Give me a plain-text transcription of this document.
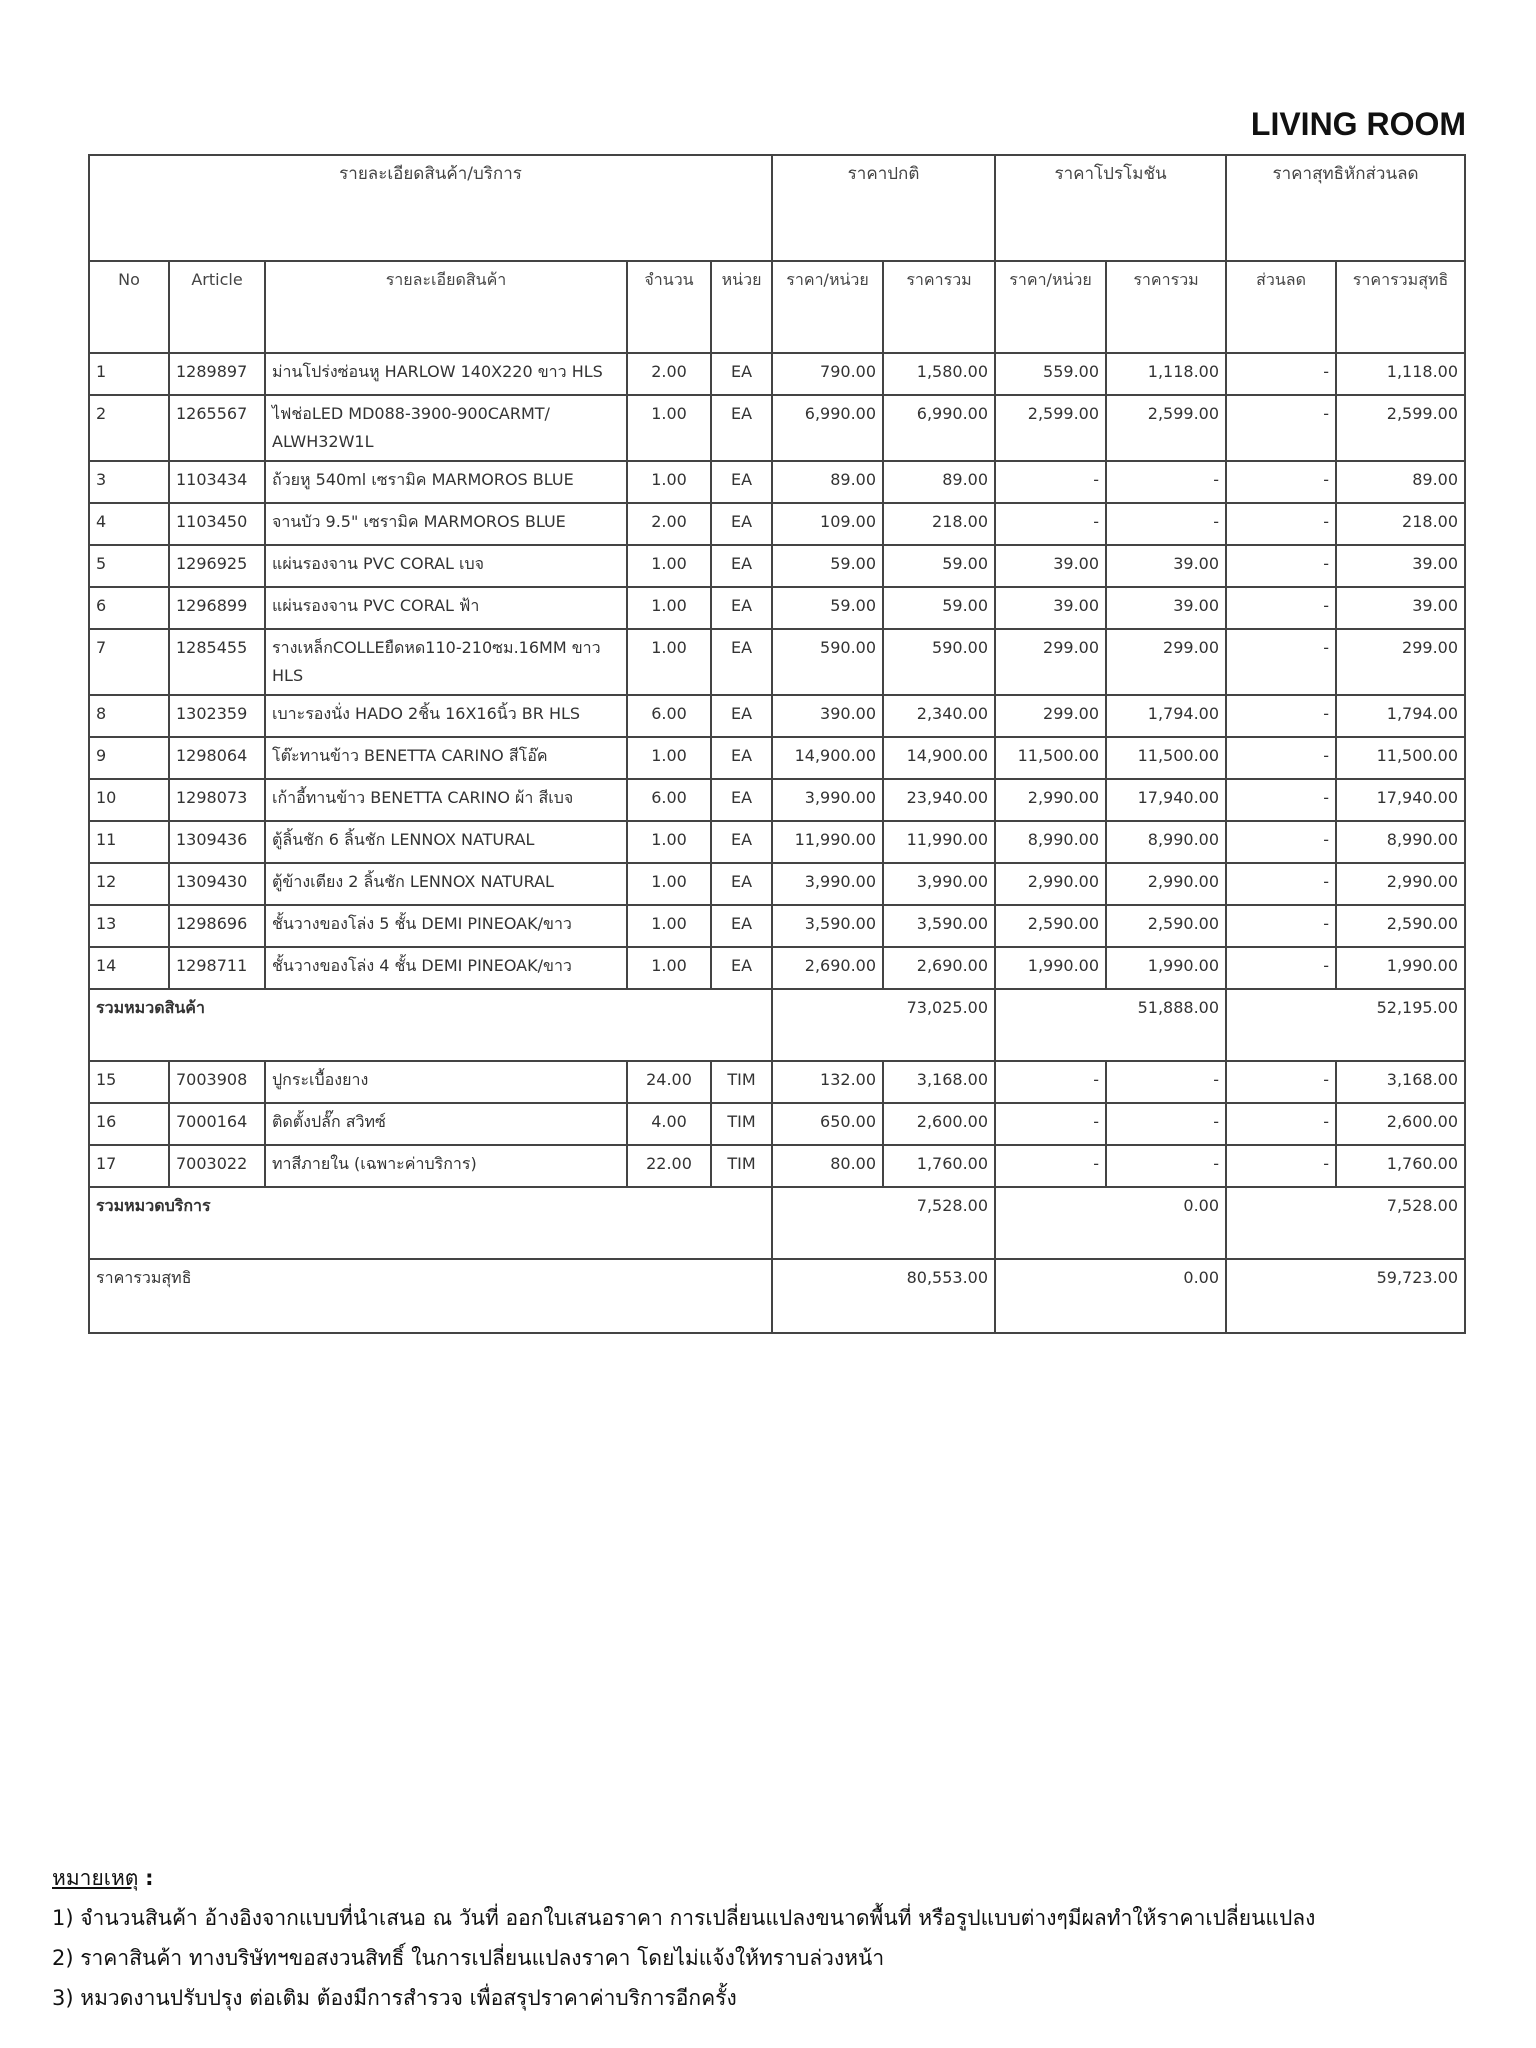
LIVING ROOM
รายละเอียดสินค้า/บริการ					ราคาปกติ		ราคาโปรโมชัน		ราคาสุทธิหักส่วนลด	
No	Article	รายละเอียดสินค้า	จำนวน	หน่วย	ราคา/หน่วย	ราคารวม	ราคา/หน่วย	ราคารวม	ส่วนลด	ราคารวมสุทธิ
1	1289897	ม่านโปร่งซ่อนหู HARLOW 140X220 ขาว HLS	2.00	EA	790.00	1,580.00	559.00	1,118.00	-	1,118.00
2	1265567	ไฟช่อLED MD088-3900-900CARMT/ ALWH32W1L	1.00	EA	6,990.00	6,990.00	2,599.00	2,599.00	-	2,599.00
3	1103434	ถ้วยหู 540ml เซรามิค MARMOROS BLUE	1.00	EA	89.00	89.00	-	-	-	89.00
4	1103450	จานบัว 9.5" เซรามิค MARMOROS BLUE	2.00	EA	109.00	218.00	-	-	-	218.00
5	1296925	แผ่นรองจาน PVC CORAL เบจ	1.00	EA	59.00	59.00	39.00	39.00	-	39.00
6	1296899	แผ่นรองจาน PVC CORAL ฟ้า	1.00	EA	59.00	59.00	39.00	39.00	-	39.00
7	1285455	รางเหล็กCOLLEยืดหด110-210ซม.16MM ขาว HLS	1.00	EA	590.00	590.00	299.00	299.00	-	299.00
8	1302359	เบาะรองนั่ง HADO 2ชิ้น 16X16นิ้ว BR HLS	6.00	EA	390.00	2,340.00	299.00	1,794.00	-	1,794.00
9	1298064	โต๊ะทานข้าว BENETTA CARINO สีโอ๊ค	1.00	EA	14,900.00	14,900.00	11,500.00	11,500.00	-	11,500.00
10	1298073	เก้าอี้ทานข้าว BENETTA CARINO ผ้า สีเบจ	6.00	EA	3,990.00	23,940.00	2,990.00	17,940.00	-	17,940.00
11	1309436	ตู้ลิ้นชัก 6 ลิ้นชัก LENNOX NATURAL	1.00	EA	11,990.00	11,990.00	8,990.00	8,990.00	-	8,990.00
12	1309430	ตู้ข้างเตียง 2 ลิ้นชัก LENNOX NATURAL	1.00	EA	3,990.00	3,990.00	2,990.00	2,990.00	-	2,990.00
13	1298696	ชั้นวางของโล่ง 5 ชั้น DEMI PINEOAK/ขาว	1.00	EA	3,590.00	3,590.00	2,590.00	2,590.00	-	2,590.00
14	1298711	ชั้นวางของโล่ง 4 ชั้น DEMI PINEOAK/ขาว	1.00	EA	2,690.00	2,690.00	1,990.00	1,990.00	-	1,990.00
รวมหมวดสินค้า					73,025.00		51,888.00		52,195.00	
15	7003908	ปูกระเบื้องยาง	24.00	TIM	132.00	3,168.00	-	-	-	3,168.00
16	7000164	ติดตั้งปลั๊ก สวิทซ์	4.00	TIM	650.00	2,600.00	-	-	-	2,600.00
17	7003022	ทาสีภายใน (เฉพาะค่าบริการ)	22.00	TIM	80.00	1,760.00	-	-	-	1,760.00
รวมหมวดบริการ					7,528.00		0.00		7,528.00	
ราคารวมสุทธิ					80,553.00		0.00		59,723.00	
หมายเหตุ :
1) จำนวนสินค้า อ้างอิงจากแบบที่นำเสนอ ณ วันที่ ออกใบเสนอราคา การเปลี่ยนแปลงขนาดพื้นที่ หรือรูปแบบต่างๆมีผลทำให้ราคาเปลี่ยนแปลง
2) ราคาสินค้า ทางบริษัทฯขอสงวนสิทธิ์ ในการเปลี่ยนแปลงราคา โดยไม่แจ้งให้ทราบล่วงหน้า
3) หมวดงานปรับปรุง ต่อเติม ต้องมีการสำรวจ เพื่อสรุปราคาค่าบริการอีกครั้ง
